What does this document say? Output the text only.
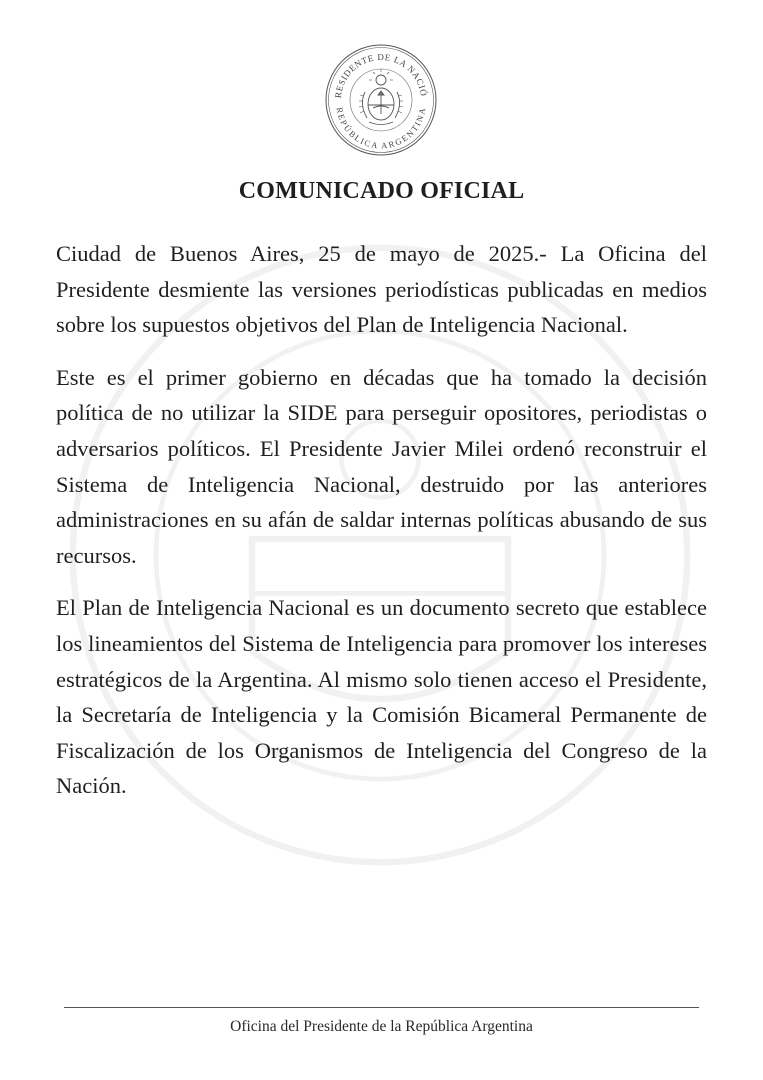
RESIDENTE DE LA NACIÓ
REPÚBLICA ARGENTINA
COMUNICADO OFICIAL

Ciudad de Buenos Aires, 25 de mayo de 2025.- La Oficina del Presidente desmiente las versiones periodísticas publicadas en medios sobre los supuestos objetivos del Plan de Inteligencia Nacional.

Este es el primer gobierno en décadas que ha tomado la decisión política de no utilizar la SIDE para perseguir opositores, periodistas o adversarios políticos. El Presidente Javier Milei ordenó reconstruir el Sistema de Inteligencia Nacional, destruido por las anteriores administraciones en su afán de saldar internas políticas abusando de sus recursos.

El Plan de Inteligencia Nacional es un documento secreto que establece los lineamientos del Sistema de Inteligencia para promover los intereses estratégicos de la Argentina. Al mismo solo tienen acceso el Presidente, la Secretaría de Inteligencia y la Comisión Bicameral Permanente de Fiscalización de los Organismos de Inteligencia del Congreso de la Nación.

Oficina del Presidente de la República Argentina
